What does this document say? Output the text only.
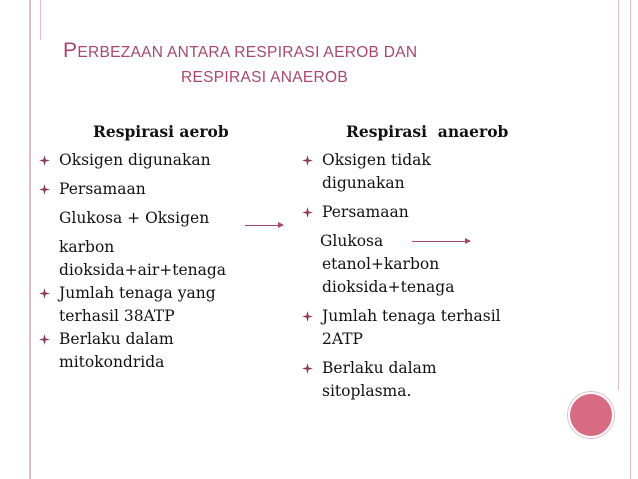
PERBEZAAN ANTARA RESPIRASI AEROB DAN
RESPIRASI ANAEROB
Respirasi aerob
Oksigen digunakan
Persamaan
Glukosa + Oksigen
karbon
dioksida+air+tenaga
Jumlah tenaga yang
terhasil 38ATP
Berlaku dalam
mitokondrida
Respirasi  anaerob
Oksigen tidak
digunakan
Persamaan
Glukosa
etanol+karbon
dioksida+tenaga
Jumlah tenaga terhasil
2ATP
Berlaku dalam
sitoplasma.
